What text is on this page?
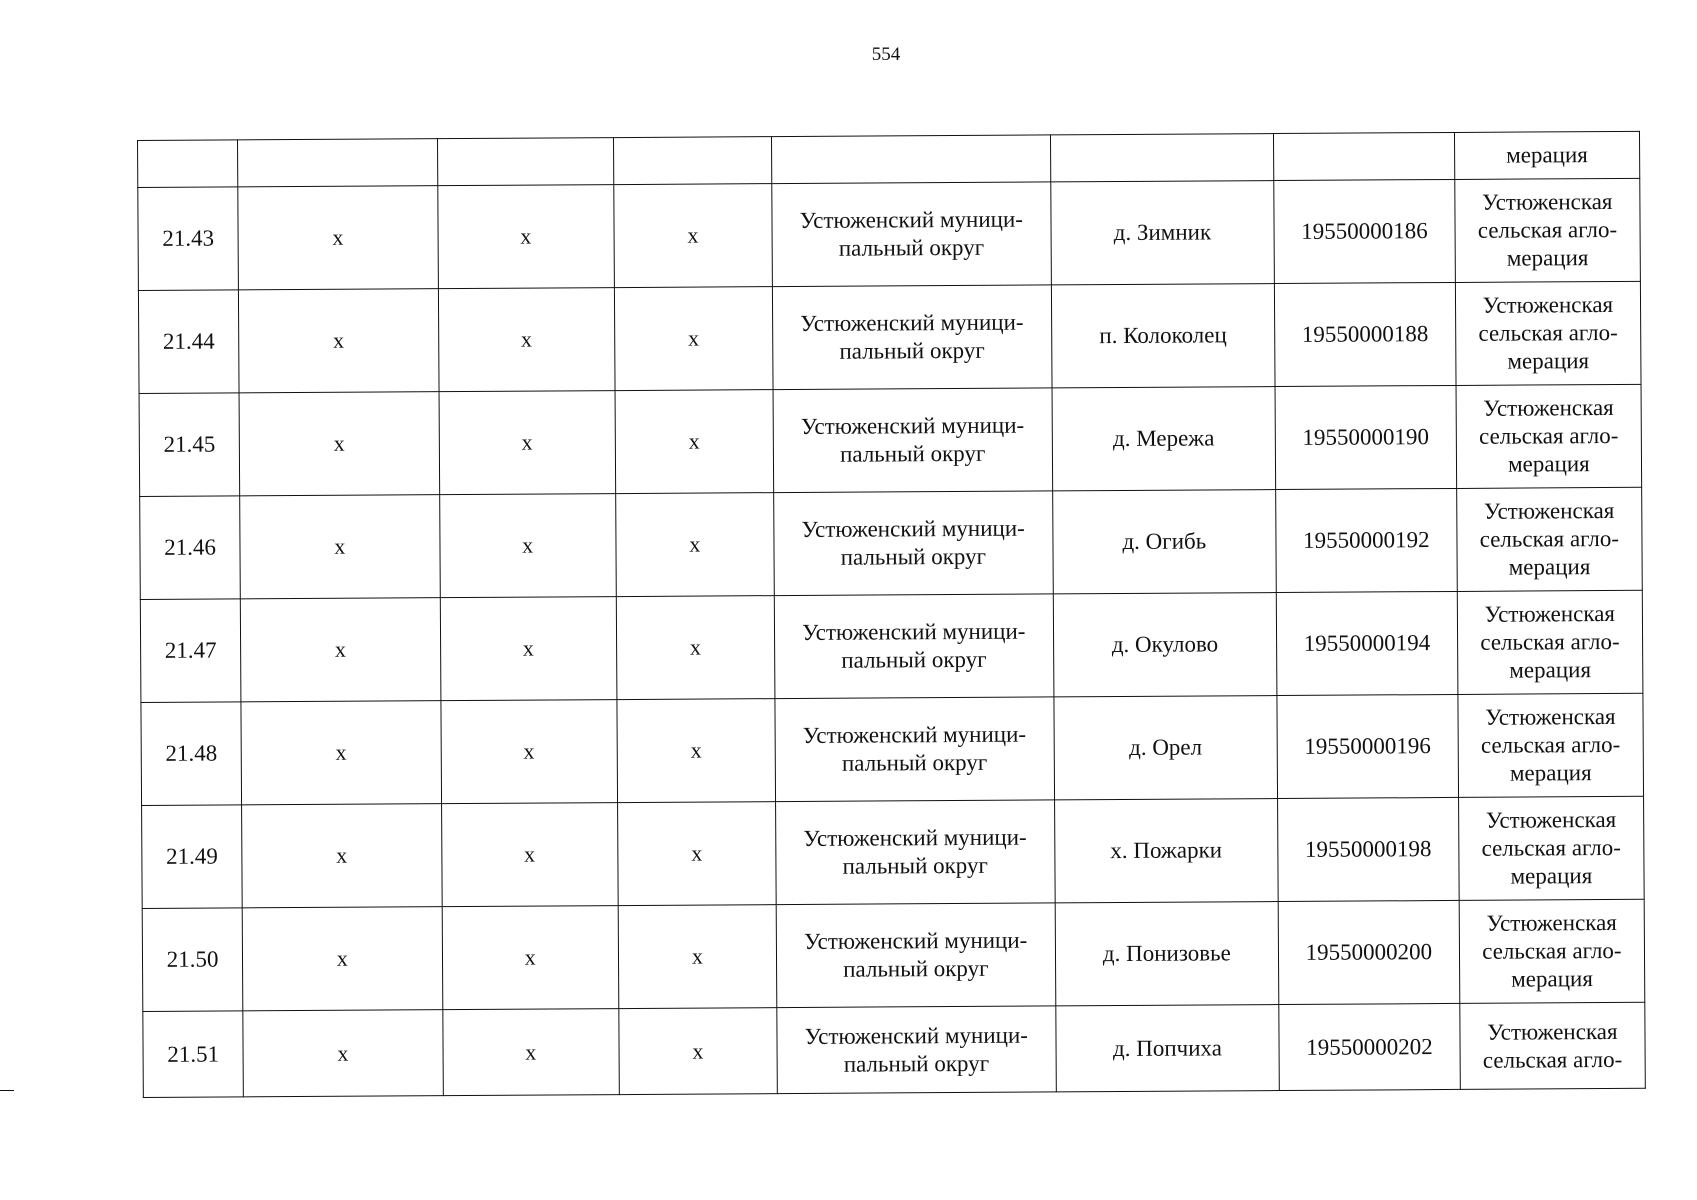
554
							мерация

21.43	х	х	х	Устюженский муници-
пальный округ	д. Зимник	19550000186	Устюженская
сельская агло-
мерация

21.44	х	х	х	Устюженский муници-
пальный округ	п. Колоколец	19550000188	Устюженская
сельская агло-
мерация

21.45	х	х	х	Устюженский муници-
пальный округ	д. Мережа	19550000190	Устюженская
сельская агло-
мерация

21.46	х	х	х	Устюженский муници-
пальный округ	д. Огибь	19550000192	Устюженская
сельская агло-
мерация

21.47	х	х	х	Устюженский муници-
пальный округ	д. Окулово	19550000194	Устюженская
сельская агло-
мерация

21.48	х	х	х	Устюженский муници-
пальный округ	д. Орел	19550000196	Устюженская
сельская агло-
мерация

21.49	х	х	х	Устюженский муници-
пальный округ	х. Пожарки	19550000198	Устюженская
сельская агло-
мерация

21.50	х	х	х	Устюженский муници-
пальный округ	д. Понизовье	19550000200	Устюженская
сельская агло-
мерация

21.51	х	х	х	Устюженский муници-
пальный округ	д. Попчиха	19550000202	Устюженская
сельская агло-
